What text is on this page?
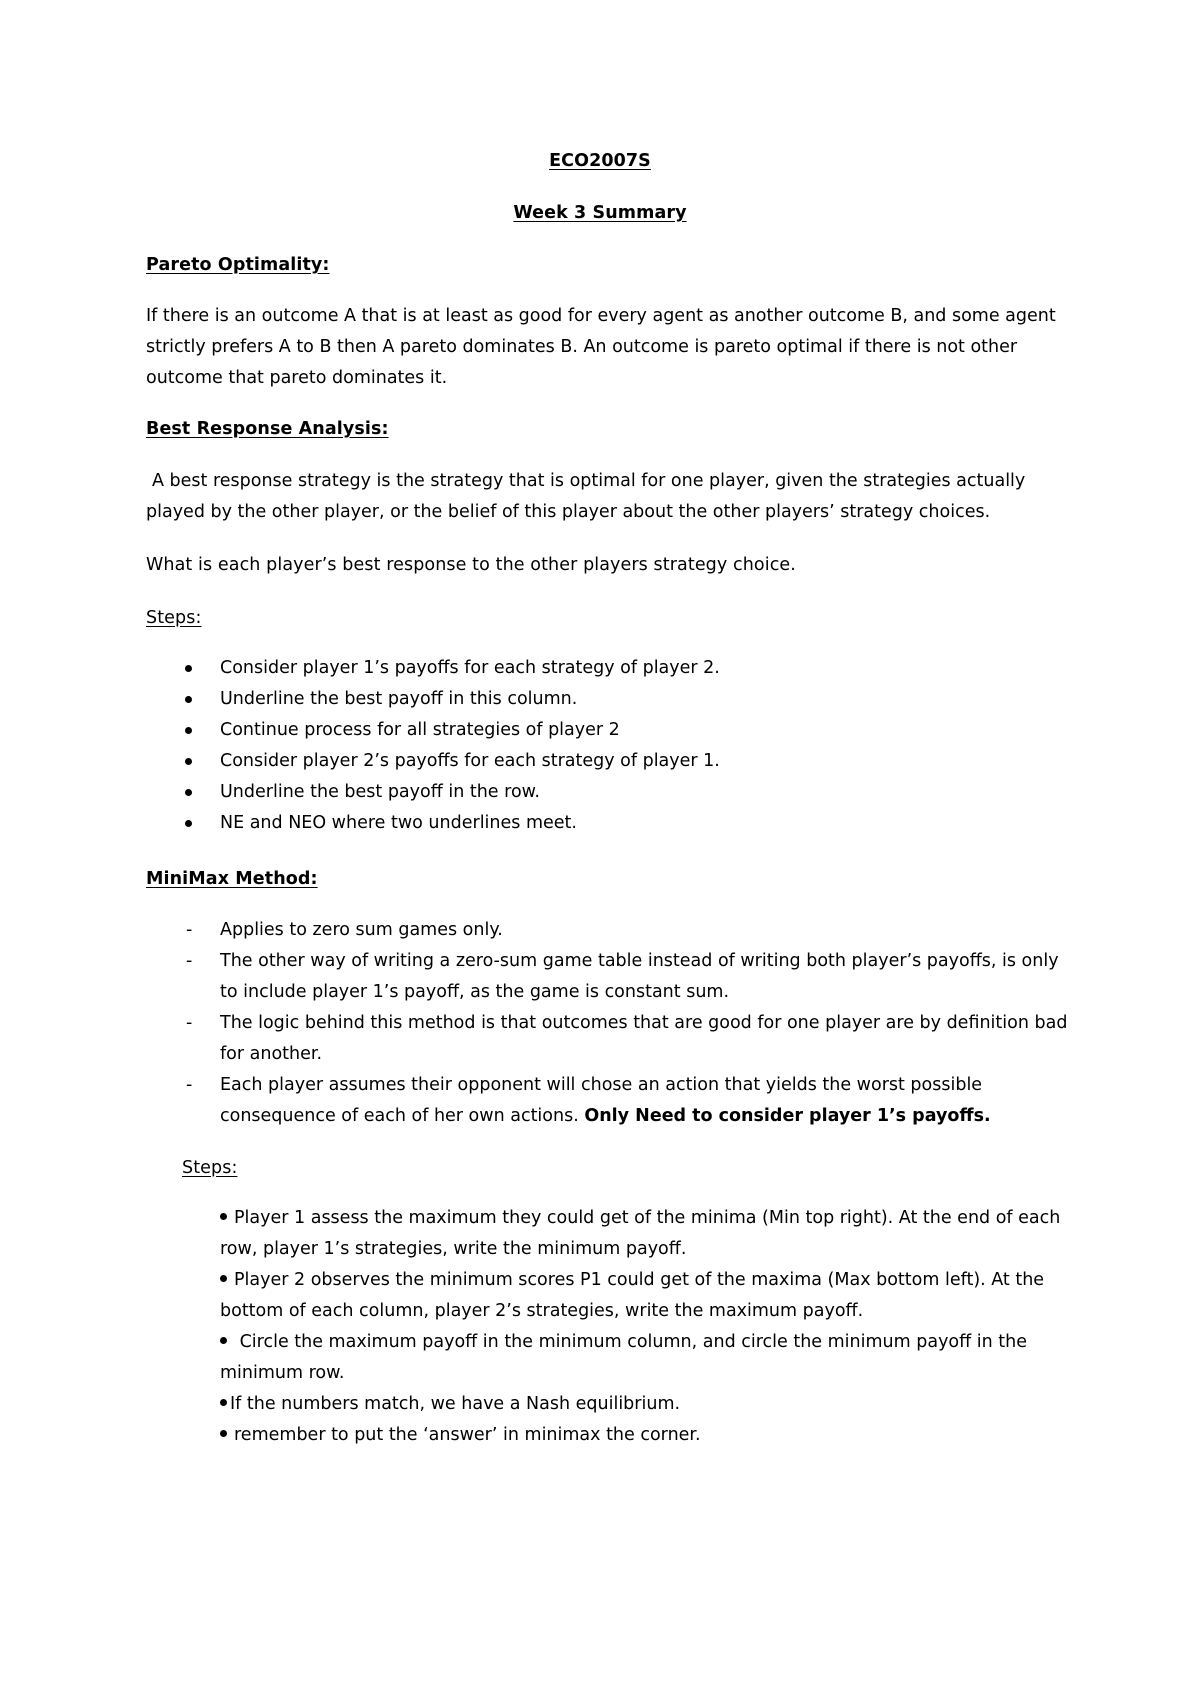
ECO2007S

Week 3 Summary

Pareto Optimality:

If there is an outcome A that is at least as good for every agent as another outcome B, and some agent strictly prefers A to B then A pareto dominates B. An outcome is pareto optimal if there is not other outcome that pareto dominates it.

Best Response Analysis:

A best response strategy is the strategy that is optimal for one player, given the strategies actually played by the other player, or the belief of this player about the other players’ strategy choices.

What is each player’s best response to the other players strategy choice.

Steps:

Consider player 1’s payoffs for each strategy of player 2.
Underline the best payoff in this column.
Continue process for all strategies of player 2
Consider player 2’s payoffs for each strategy of player 1.
Underline the best payoff in the row.
NE and NEO where two underlines meet.

MiniMax Method:

- Applies to zero sum games only.
- The other way of writing a zero-sum game table instead of writing both player’s payoffs, is only to include player 1’s payoff, as the game is constant sum.
- The logic behind this method is that outcomes that are good for one player are by definition bad for another.
- Each player assumes their opponent will chose an action that yields the worst possible consequence of each of her own actions. Only Need to consider player 1’s payoffs.

Steps:

Player 1 assess the maximum they could get of the minima (Min top right). At the end of each row, player 1’s strategies, write the minimum payoff.
Player 2 observes the minimum scores P1 could get of the maxima (Max bottom left). At the bottom of each column, player 2’s strategies, write the maximum payoff.
Circle the maximum payoff in the minimum column, and circle the minimum payoff in the minimum row.
If the numbers match, we have a Nash equilibrium.
remember to put the ‘answer’ in minimax the corner.
